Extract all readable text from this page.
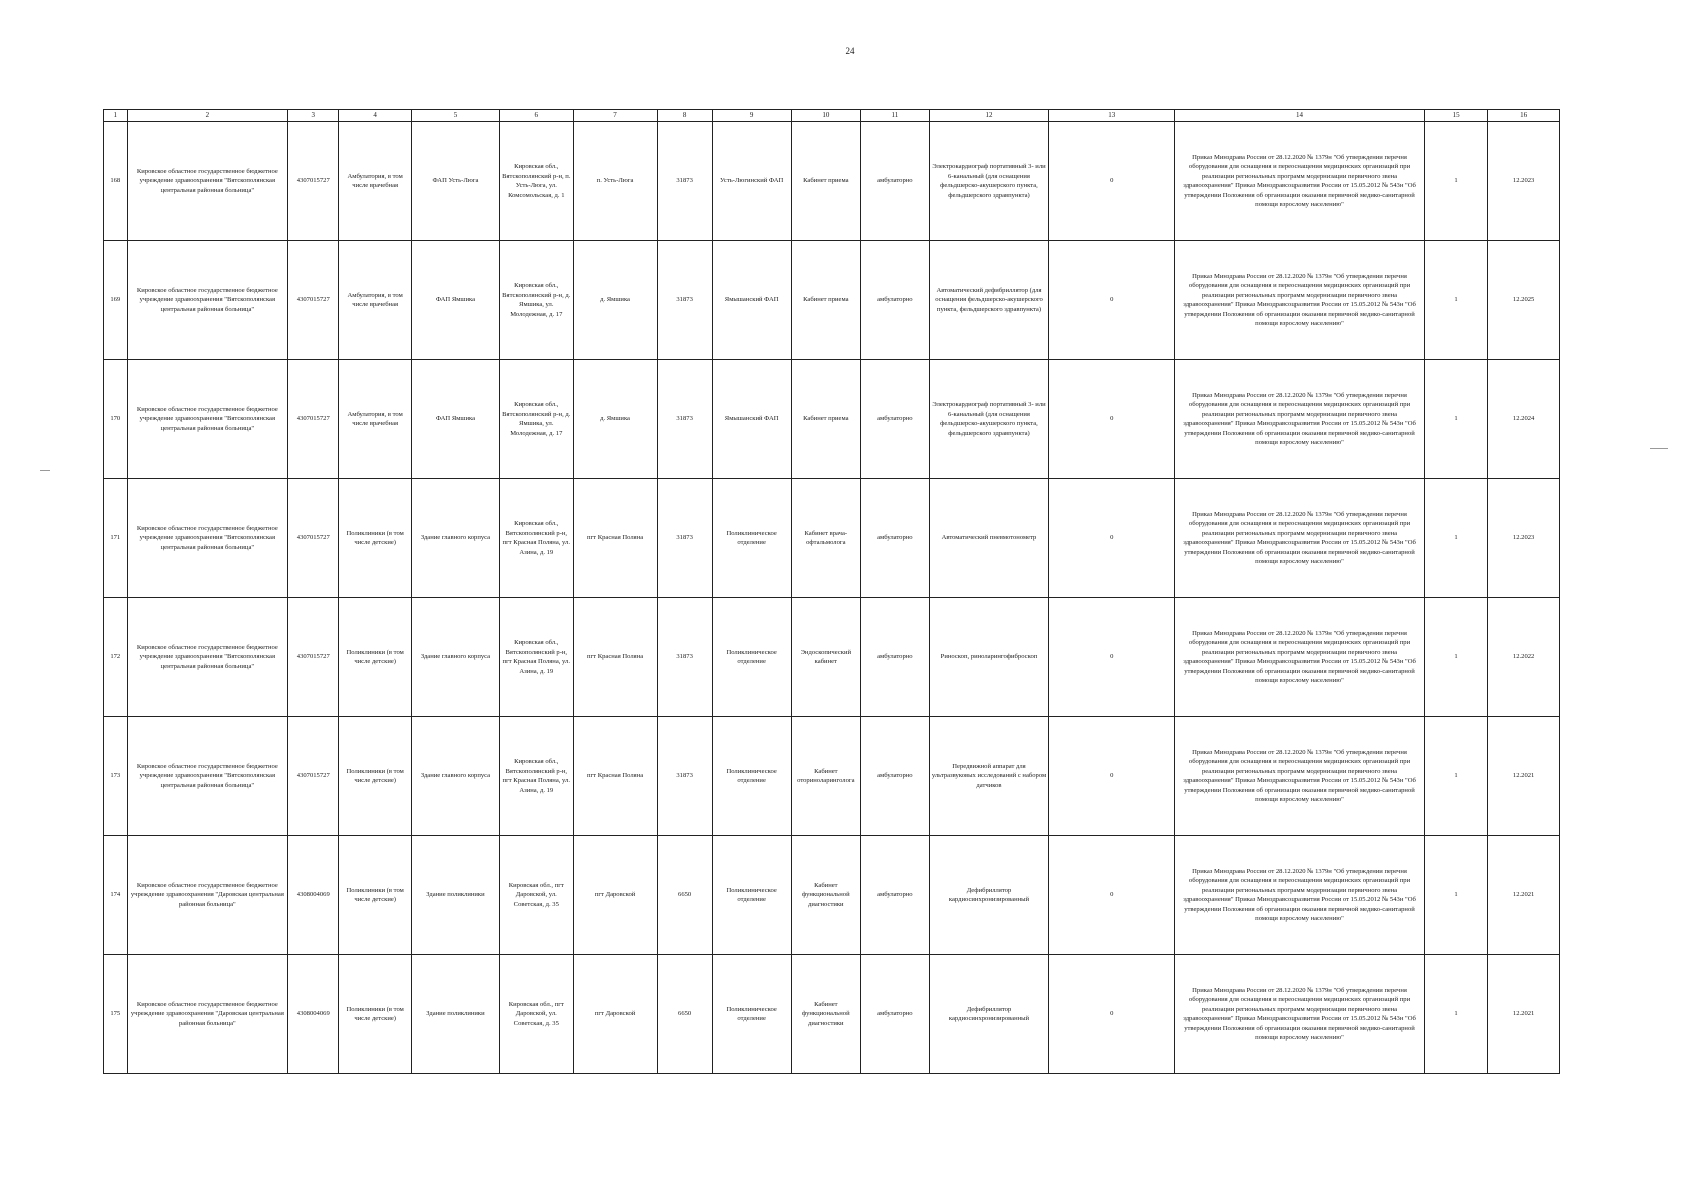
24
1	2	3	4	5	6	7	8	9	10	11	12	13	14	15	16
168	Кировское областное государственное бюджетное учреждение здравоохранения "Вятскополянская центральная районная больница"	4307015727	Амбулатория, в том числе врачебная	ФАП Усть-Люга	Кировская обл., Вятскополянский р-н, п. Усть-Люга, ул. Комсомольская, д. 1	п. Усть-Люга	31873	Усть-Люгинский ФАП	Кабинет приема	амбулаторно	Электрокардиограф портативный 3- или 6-канальный (для оснащения фельдшерско-акушерского пункта, фельдшерского здравпункта)	0	Приказ Минздрава России от 28.12.2020 № 1379н "Об утверждении перечня оборудования для оснащения и переоснащения медицинских организаций при реализации региональных программ модернизации первичного звена здравоохранения" Приказ Минздравсоцразвития России от 15.05.2012 № 543н "Об утверждении Положения об организации оказания первичной медико-санитарной помощи взрослому населению"	1	12.2023
169	Кировское областное государственное бюджетное учреждение здравоохранения "Вятскополянская центральная районная больница"	4307015727	Амбулатория, в том числе врачебная	ФАП Ямшика	Кировская обл., Вятскополянский р-н, д. Ямшика, ул. Молодежная, д. 17	д. Ямшика	31873	Ямышанский ФАП	Кабинет приема	амбулаторно	Автоматический дефибриллятор (для оснащения фельдшерско-акушерского пункта, фельдшерского здравпункта)	0	Приказ Минздрава России от 28.12.2020 № 1379н "Об утверждении перечня оборудования для оснащения и переоснащения медицинских организаций при реализации региональных программ модернизации первичного звена здравоохранения" Приказ Минздравсоцразвития России от 15.05.2012 № 543н "Об утверждении Положения об организации оказания первичной медико-санитарной помощи взрослому населению"	1	12.2025
170	Кировское областное государственное бюджетное учреждение здравоохранения "Вятскополянская центральная районная больница"	4307015727	Амбулатория, в том числе врачебная	ФАП Ямшика	Кировская обл., Вятскополянский р-н, д. Ямшика, ул. Молодежная, д. 17	д. Ямшика	31873	Ямышанский ФАП	Кабинет приема	амбулаторно	Электрокардиограф портативный 3- или 6-канальный (для оснащения фельдшерско-акушерского пункта, фельдшерского здравпункта)	0	Приказ Минздрава России от 28.12.2020 № 1379н "Об утверждении перечня оборудования для оснащения и переоснащения медицинских организаций при реализации региональных программ модернизации первичного звена здравоохранения" Приказ Минздравсоцразвития России от 15.05.2012 № 543н "Об утверждении Положения об организации оказания первичной медико-санитарной помощи взрослому населению"	1	12.2024
171	Кировское областное государственное бюджетное учреждение здравоохранения "Вятскополянская центральная районная больница"	4307015727	Поликлиники (в том числе детские)	Здание главного корпуса	Кировская обл., Вятскополянский р-н, пгт Красная Поляна, ул. Азина, д. 19	пгт Красная Поляна	31873	Поликлиническое отделение	Кабинет врача-офтальмолога	амбулаторно	Автоматический пневмотонометр	0	Приказ Минздрава России от 28.12.2020 № 1379н "Об утверждении перечня оборудования для оснащения и переоснащения медицинских организаций при реализации региональных программ модернизации первичного звена здравоохранения" Приказ Минздравсоцразвития России от 15.05.2012 № 543н "Об утверждении Положения об организации оказания первичной медико-санитарной помощи взрослому населению"	1	12.2023
172	Кировское областное государственное бюджетное учреждение здравоохранения "Вятскополянская центральная районная больница"	4307015727	Поликлиники (в том числе детские)	Здание главного корпуса	Кировская обл., Вятскополянский р-н, пгт Красная Поляна, ул. Азина, д. 19	пгт Красная Поляна	31873	Поликлиническое отделение	Эндоскопический кабинет	амбулаторно	Риноскоп, риноларингофиброскоп	0	Приказ Минздрава России от 28.12.2020 № 1379н "Об утверждении перечня оборудования для оснащения и переоснащения медицинских организаций при реализации региональных программ модернизации первичного звена здравоохранения" Приказ Минздравсоцразвития России от 15.05.2012 № 543н "Об утверждении Положения об организации оказания первичной медико-санитарной помощи взрослому населению"	1	12.2022
173	Кировское областное государственное бюджетное учреждение здравоохранения "Вятскополянская центральная районная больница"	4307015727	Поликлиники (в том числе детские)	Здание главного корпуса	Кировская обл., Вятскополянский р-н, пгт Красная Поляна, ул. Азина, д. 19	пгт Красная Поляна	31873	Поликлиническое отделение	Кабинет оториноларинголога	амбулаторно	Передвижной аппарат для ультразвуковых исследований с набором датчиков	0	Приказ Минздрава России от 28.12.2020 № 1379н "Об утверждении перечня оборудования для оснащения и переоснащения медицинских организаций при реализации региональных программ модернизации первичного звена здравоохранения" Приказ Минздравсоцразвития России от 15.05.2012 № 543н "Об утверждении Положения об организации оказания первичной медико-санитарной помощи взрослому населению"	1	12.2021
174	Кировское областное государственное бюджетное учреждение здравоохранения "Даровская центральная районная больница"	4308004069	Поликлиники (в том числе детские)	Здание поликлиники	Кировская обл., пгт Даровской, ул. Советская, д. 35	пгт Даровской	6650	Поликлиническое отделение	Кабинет функциональной диагностики	амбулаторно	Дефибриллятор кардиосинхронизированный	0	Приказ Минздрава России от 28.12.2020 № 1379н "Об утверждении перечня оборудования для оснащения и переоснащения медицинских организаций при реализации региональных программ модернизации первичного звена здравоохранения" Приказ Минздравсоцразвития России от 15.05.2012 № 543н "Об утверждении Положения об организации оказания первичной медико-санитарной помощи взрослому населению"	1	12.2021
175	Кировское областное государственное бюджетное учреждение здравоохранения "Даровская центральная районная больница"	4308004069	Поликлиники (в том числе детские)	Здание поликлиники	Кировская обл., пгт Даровской, ул. Советская, д. 35	пгт Даровской	6650	Поликлиническое отделение	Кабинет функциональной диагностики	амбулаторно	Дефибриллятор кардиосинхронизированный	0	Приказ Минздрава России от 28.12.2020 № 1379н "Об утверждении перечня оборудования для оснащения и переоснащения медицинских организаций при реализации региональных программ модернизации первичного звена здравоохранения" Приказ Минздравсоцразвития России от 15.05.2012 № 543н "Об утверждении Положения об организации оказания первичной медико-санитарной помощи взрослому населению"	1	12.2021
